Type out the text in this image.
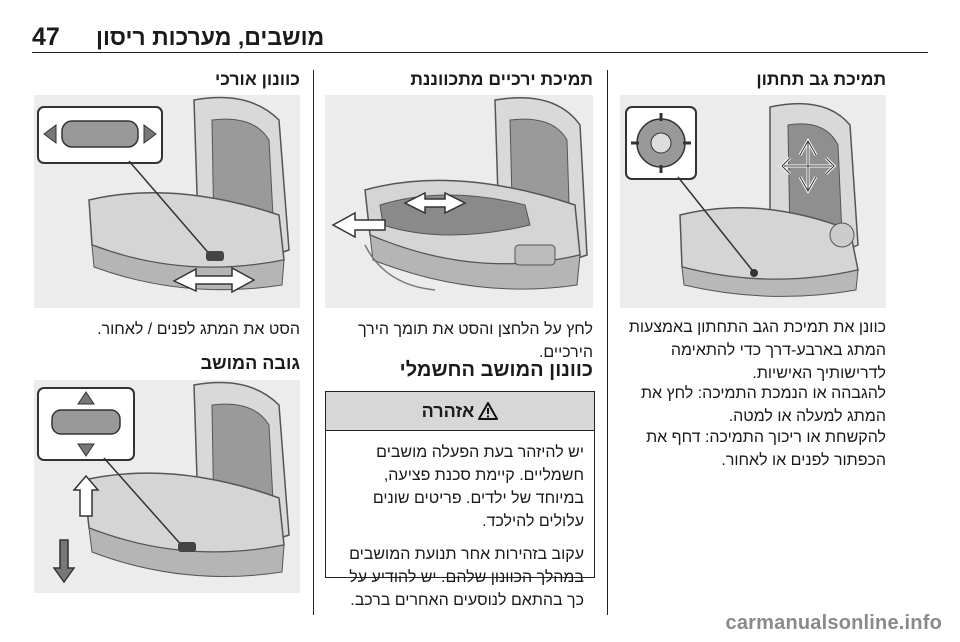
47 מושבים, מערכות ריסון
תמיכת גב תחתון

כוונן את תמיכת הגב התחתון באמצעות המתג בארבע-דרך כדי להתאימה לדרישותיך האישיות.

להגבהה או הנמכת התמיכה: לחץ את המתג למעלה או למטה.

להקשחת או ריכוך התמיכה: דחף את הכפתור לפנים או לאחור.

תמיכת ירכיים מתכווננת

לחץ על הלחצן והסט את תומך הירך הירכיים.

כוונון המושב החשמלי
אזהרה

יש להיזהר בעת הפעלה מושבים חשמליים. קיימת סכנת פציעה, במיוחד של ילדים. פריטים שונים עלולים להילכד.

עקוב בזהירות אחר תנועת המושבים במהלך הכוונון שלהם. יש להודיע על כך בהתאם לנוסעים האחרים ברכב.

כוונון אורכי

הסט את המתג לפנים / לאחור.

גובה המושב
carmanualsonline.info
